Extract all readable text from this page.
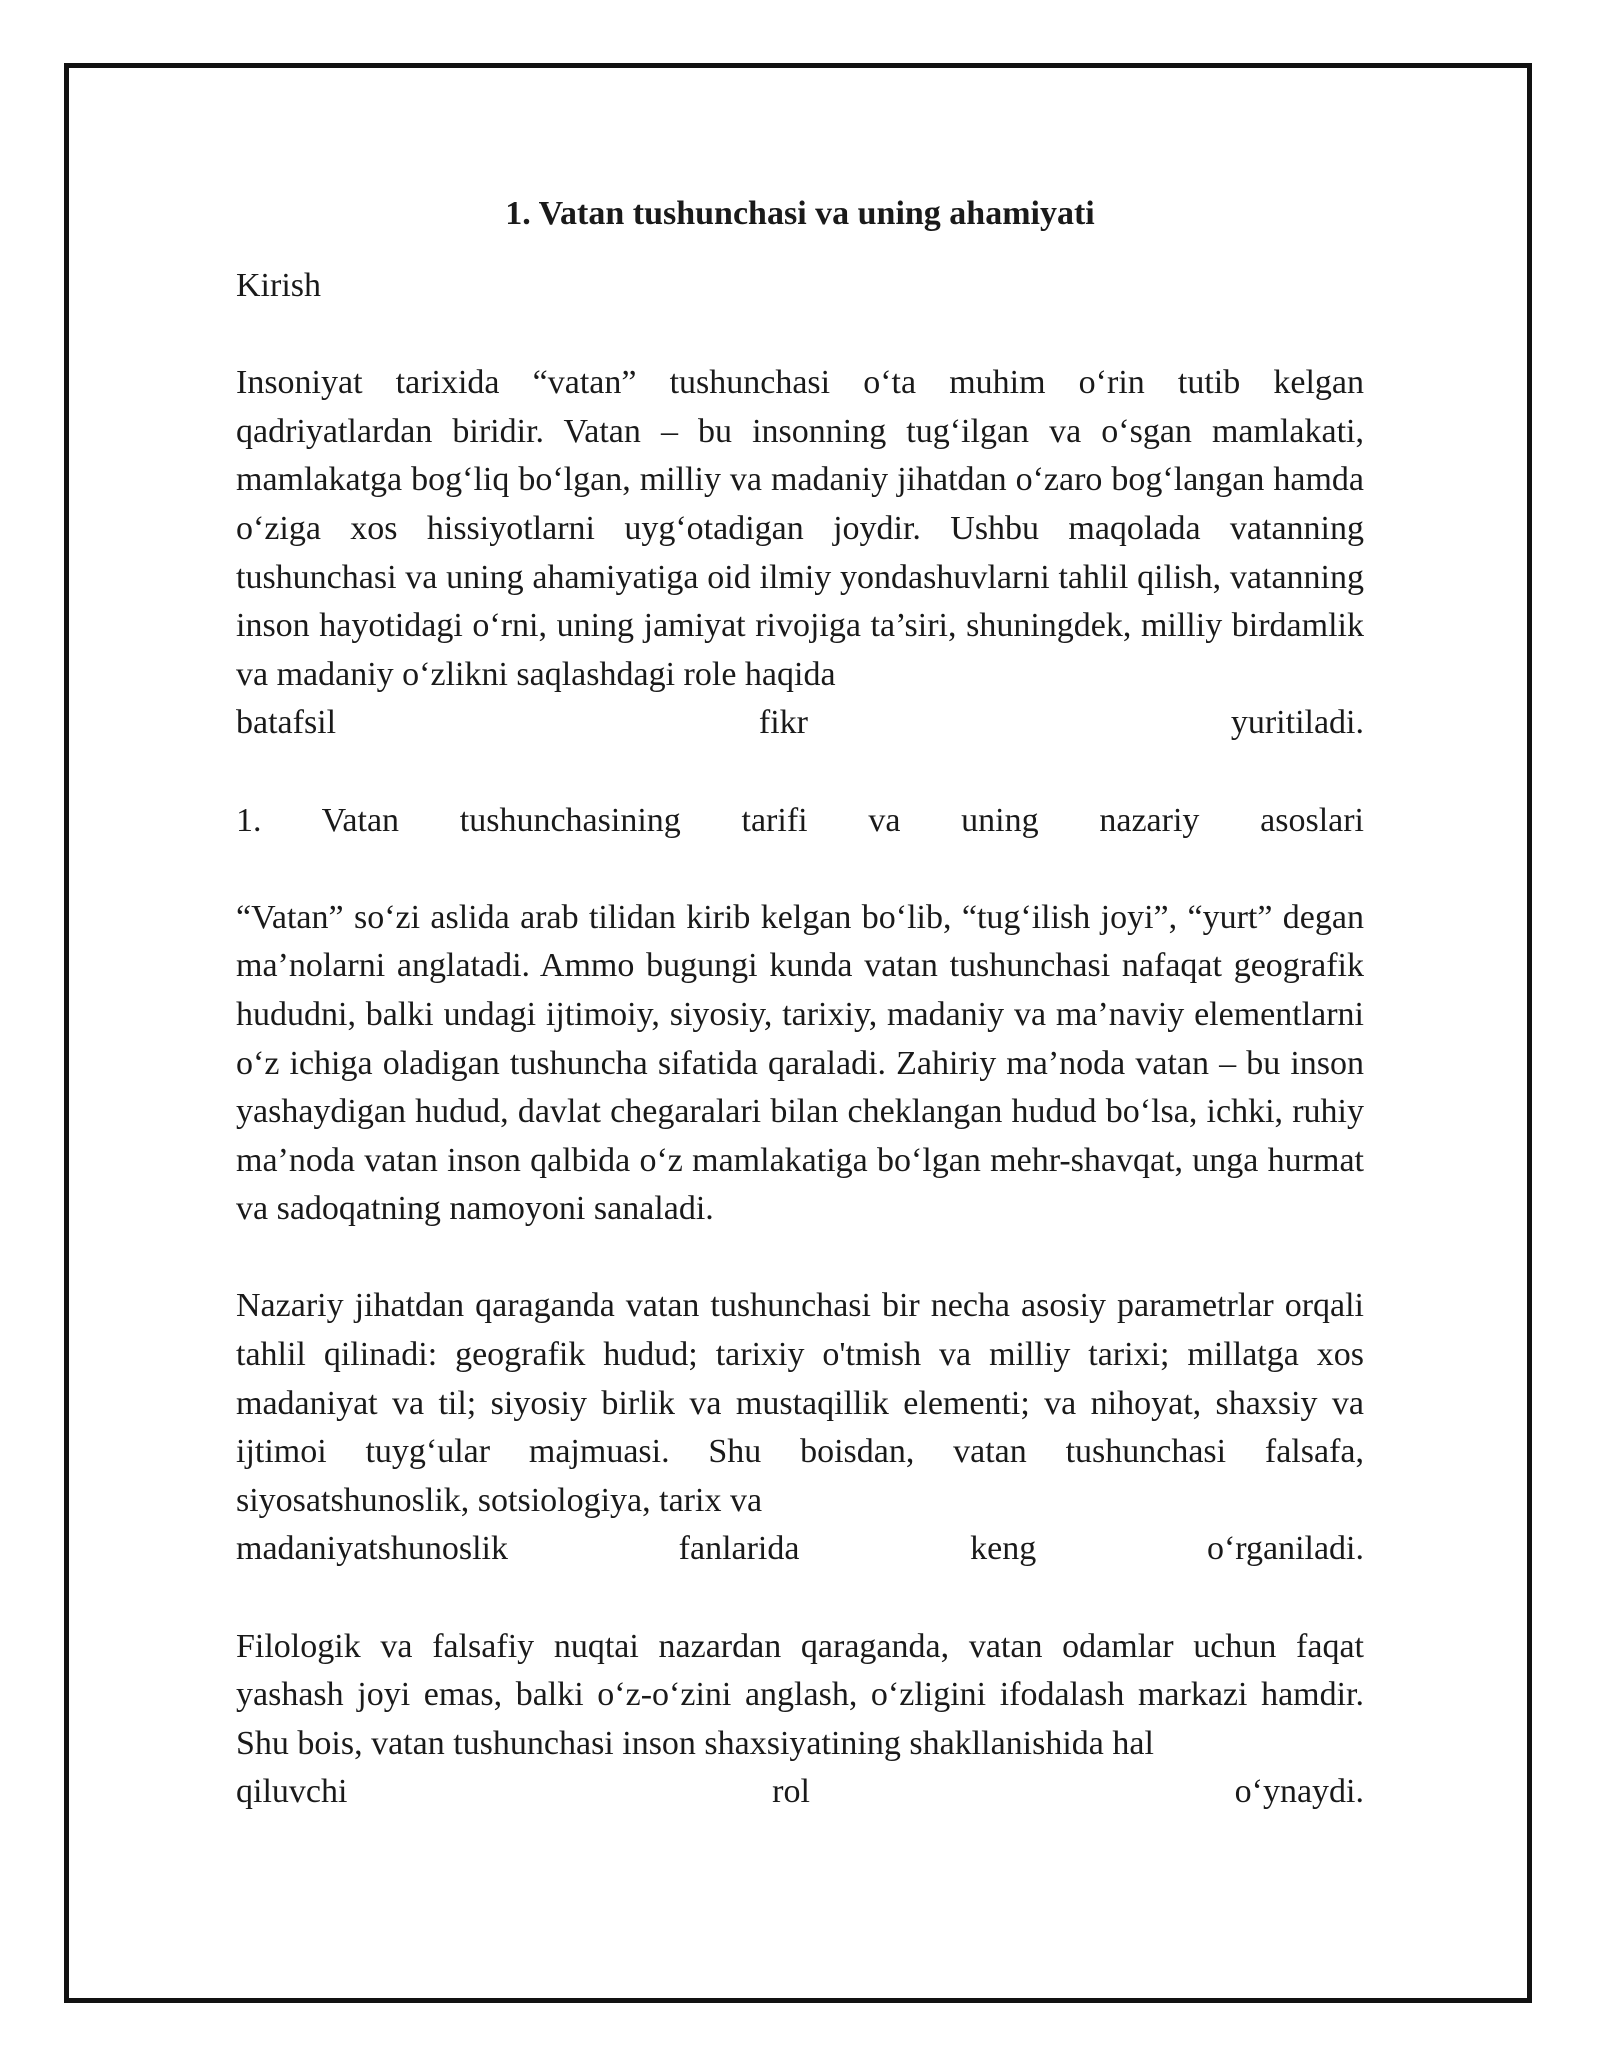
1. Vatan tushunchasi va uning ahamiyati

Kirish

Insoniyat tarixida “vatan” tushunchasi o‘ta muhim o‘rin tutib kelgan qadriyatlardan biridir. Vatan – bu insonning tug‘ilgan va o‘sgan mamlakati, mamlakatga bog‘liq bo‘lgan, milliy va madaniy jihatdan o‘zaro bog‘langan hamda o‘ziga xos hissiyotlarni uyg‘otadigan joydir. Ushbu maqolada vatanning tushunchasi va uning ahamiyatiga oid ilmiy yondashuvlarni tahlil qilish, vatanning inson hayotidagi o‘rni, uning jamiyat rivojiga ta’siri, shuningdek, milliy birdamlik va madaniy o‘zlikni saqlashdagi role haqida

batafsil fikr yuritiladi.

1. Vatan tushunchasining tarifi va uning nazariy asoslari

“Vatan” so‘zi aslida arab tilidan kirib kelgan bo‘lib, “tug‘ilish joyi”, “yurt” degan ma’nolarni anglatadi. Ammo bugungi kunda vatan tushunchasi nafaqat geografik hududni, balki undagi ijtimoiy, siyosiy, tarixiy, madaniy va ma’naviy elementlarni o‘z ichiga oladigan tushuncha sifatida qaraladi. Zahiriy ma’noda vatan – bu inson yashaydigan hudud, davlat chegaralari bilan cheklangan hudud bo‘lsa, ichki, ruhiy ma’noda vatan inson qalbida o‘z mamlakatiga bo‘lgan mehr-shavqat, unga hurmat va sadoqatning namoyoni sanaladi.

Nazariy jihatdan qaraganda vatan tushunchasi bir necha asosiy parametrlar orqali tahlil qilinadi: geografik hudud; tarixiy o'tmish va milliy tarixi; millatga xos madaniyat va til; siyosiy birlik va mustaqillik elementi; va nihoyat, shaxsiy va ijtimoi tuyg‘ular majmuasi. Shu boisdan, vatan tushunchasi falsafa, siyosatshunoslik, sotsiologiya, tarix va

madaniyatshunoslik fanlarida keng o‘rganiladi.

Filologik va falsafiy nuqtai nazardan qaraganda, vatan odamlar uchun faqat yashash joyi emas, balki o‘z-o‘zini anglash, o‘zligini ifodalash markazi hamdir. Shu bois, vatan tushunchasi inson shaxsiyatining shakllanishida hal

qiluvchi rol o‘ynaydi.
